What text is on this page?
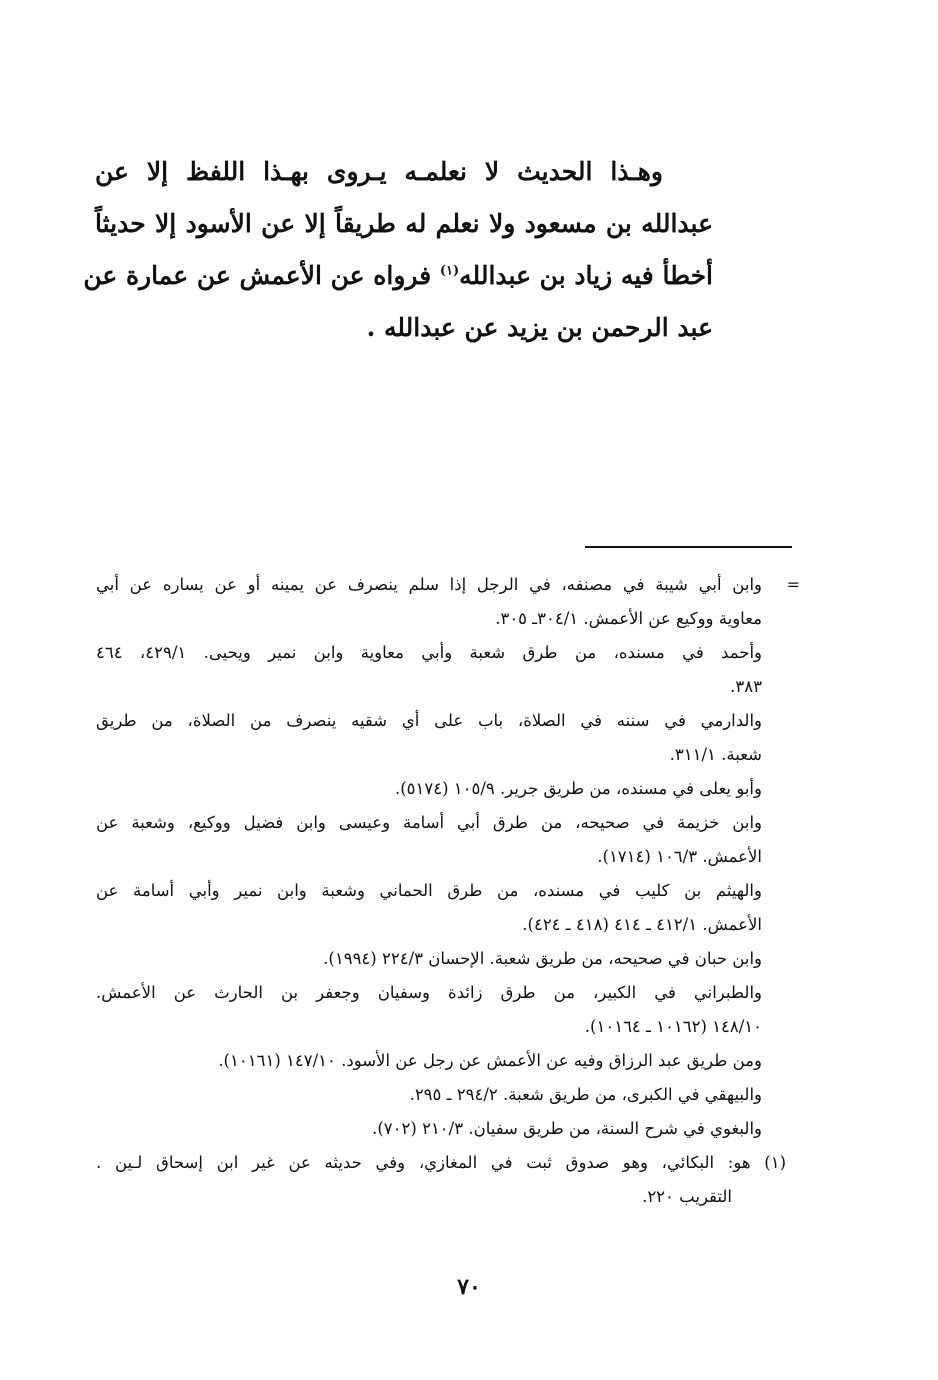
وهـذا الحديث لا نعلمـه يـروى بهـذا اللفظ إلا عن
عبدالله بن مسعود ولا نعلم له طريقاً إلا عن الأسود إلا حديثاً
أخطأ فيه زياد بن عبدالله$^{(١)}$ فرواه عن الأعمش عن عمارة عن
عبد الرحمن بن يزيد عن عبدالله .
=
وابن أبي شيبة في مصنفه، في الرجل إذا سلم ينصرف عن يمينه أو عن يساره عن أبي
معاوية ووكيع عن الأعمش. ٣٠٤/١ـ ٣٠٥.
وأحمد في مسنده، من طرق شعبة وأبي معاوية وابن نمير ويحيى. ٤٢٩/١، ٤٦٤
٣٨٣.
والدارمي في سننه في الصلاة، باب على أي شقيه ينصرف من الصلاة، من طريق
شعبة. ٣١١/١.
وأبو يعلى في مسنده، من طريق جرير. ١٠٥/٩ (٥١٧٤).
وابن خزيمة في صحيحه، من طرق أبي أسامة وعيسى وابن فضيل ووكيع، وشعبة عن
الأعمش. ١٠٦/٣ (١٧١٤).
والهيثم بن كليب في مسنده، من طرق الحماني وشعبة وابن نمير وأبي أسامة عن
الأعمش. ٤١٢/١ ـ ٤١٤ (٤١٨ ـ ٤٢٤).
وابن حبان في صحيحه، من طريق شعبة. الإحسان ٢٢٤/٣ (١٩٩٤).
والطبراني في الكبير، من طرق زائدة وسفيان وجعفر بن الحارث عن الأعمش.
١٤٨/١٠ (١٠١٦٢ ـ ١٠١٦٤).
ومن طريق عبد الرزاق وفيه عن الأعمش عن رجل عن الأسود. ١٤٧/١٠ (١٠١٦١).
والبيهقي في الكبرى، من طريق شعبة. ٢٩٤/٢ ـ ٢٩٥.
والبغوي في شرح السنة، من طريق سفيان. ٢١٠/٣ (٧٠٢).
(١) هو: البكائي، وهو صدوق ثبت في المغازي، وفي حديثه عن غير ابن إسحاق لـين .
التقريب ٢٢٠.
٧٠
